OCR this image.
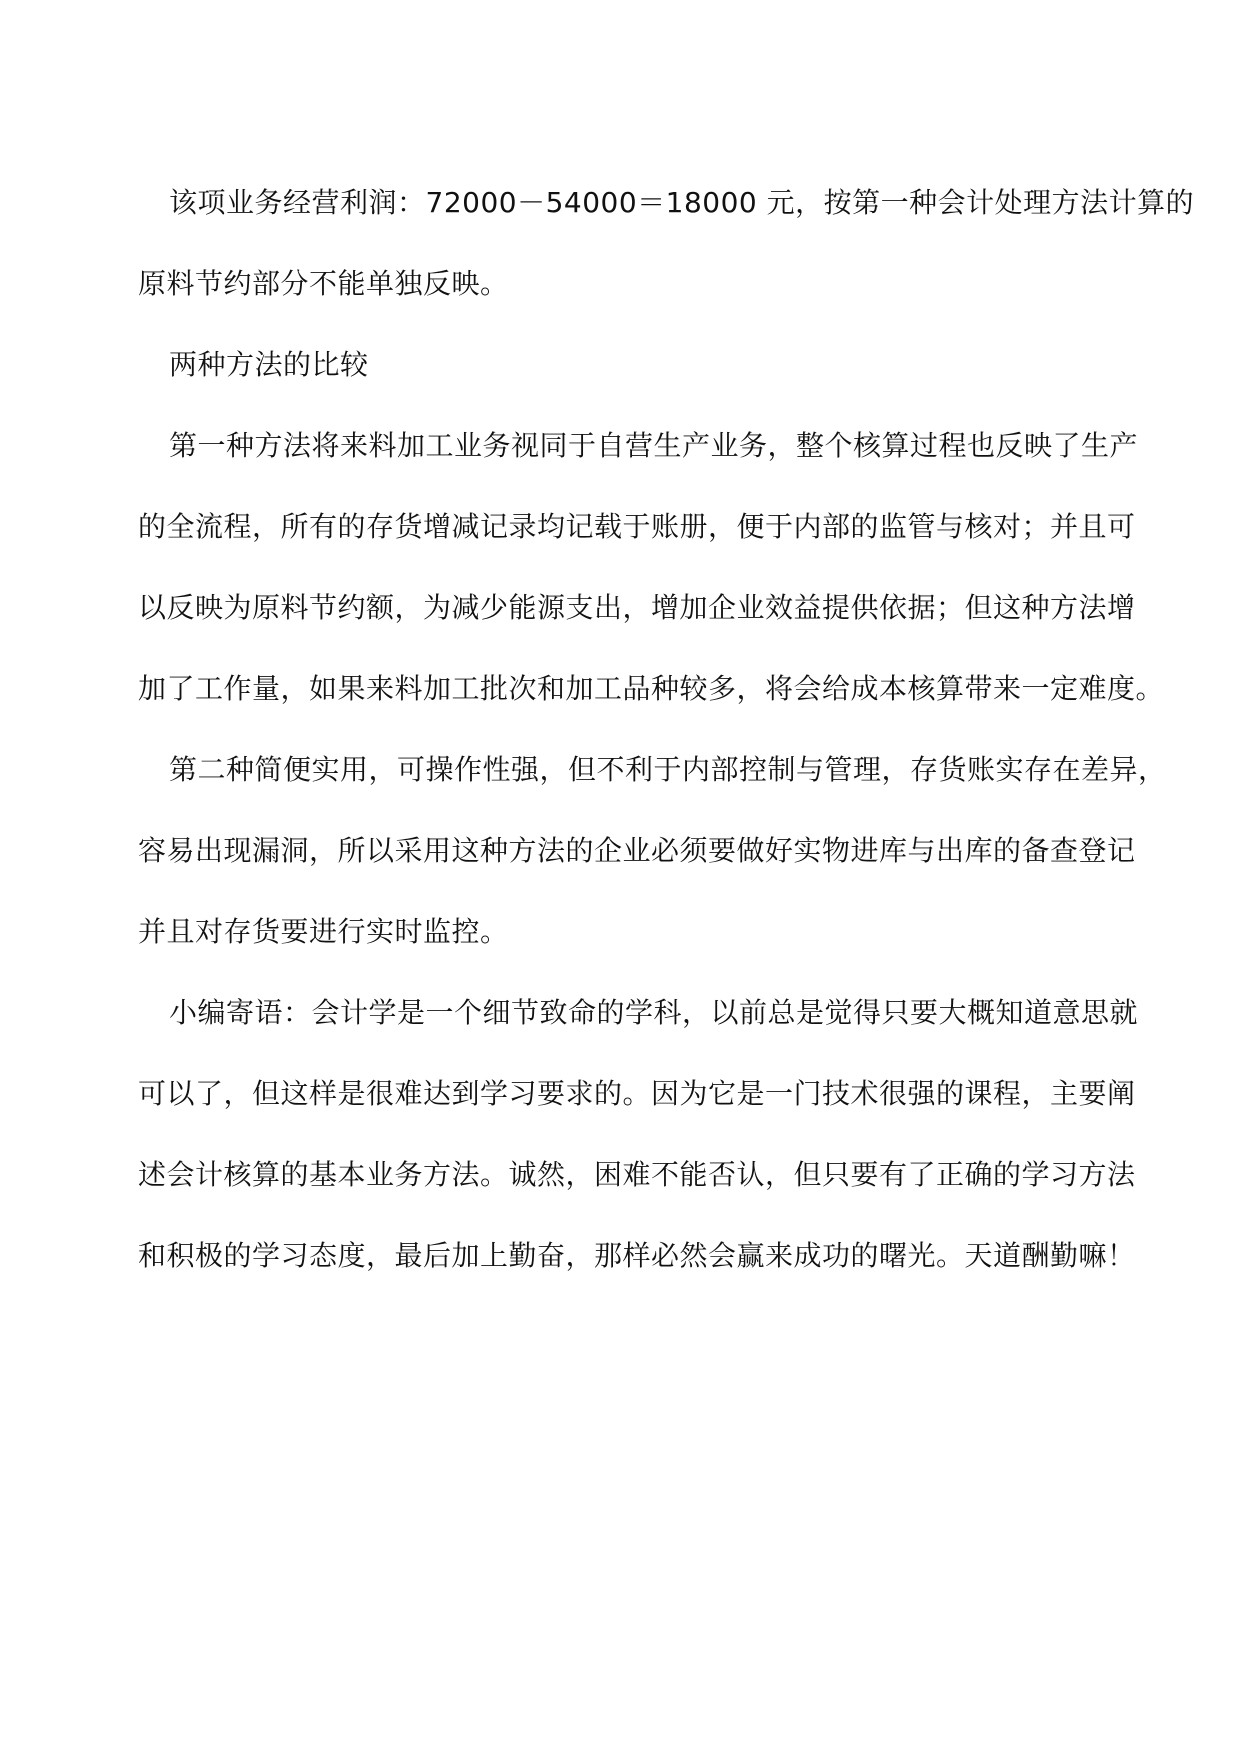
该项业务经营利润：72000－54000＝18000 元，按第一种会计处理方法计算的
原料节约部分不能单独反映。
两种方法的比较
第一种方法将来料加工业务视同于自营生产业务，整个核算过程也反映了生产
的全流程，所有的存货增减记录均记载于账册，便于内部的监管与核对；并且可
以反映为原料节约额，为减少能源支出，增加企业效益提供依据；但这种方法增
加了工作量，如果来料加工批次和加工品种较多，将会给成本核算带来一定难度。
第二种简便实用，可操作性强，但不利于内部控制与管理，存货账实存在差异，
容易出现漏洞，所以采用这种方法的企业必须要做好实物进库与出库的备查登记
并且对存货要进行实时监控。
小编寄语：会计学是一个细节致命的学科，以前总是觉得只要大概知道意思就
可以了，但这样是很难达到学习要求的。因为它是一门技术很强的课程，主要阐
述会计核算的基本业务方法。诚然，困难不能否认，但只要有了正确的学习方法
和积极的学习态度，最后加上勤奋，那样必然会赢来成功的曙光。天道酬勤嘛！
